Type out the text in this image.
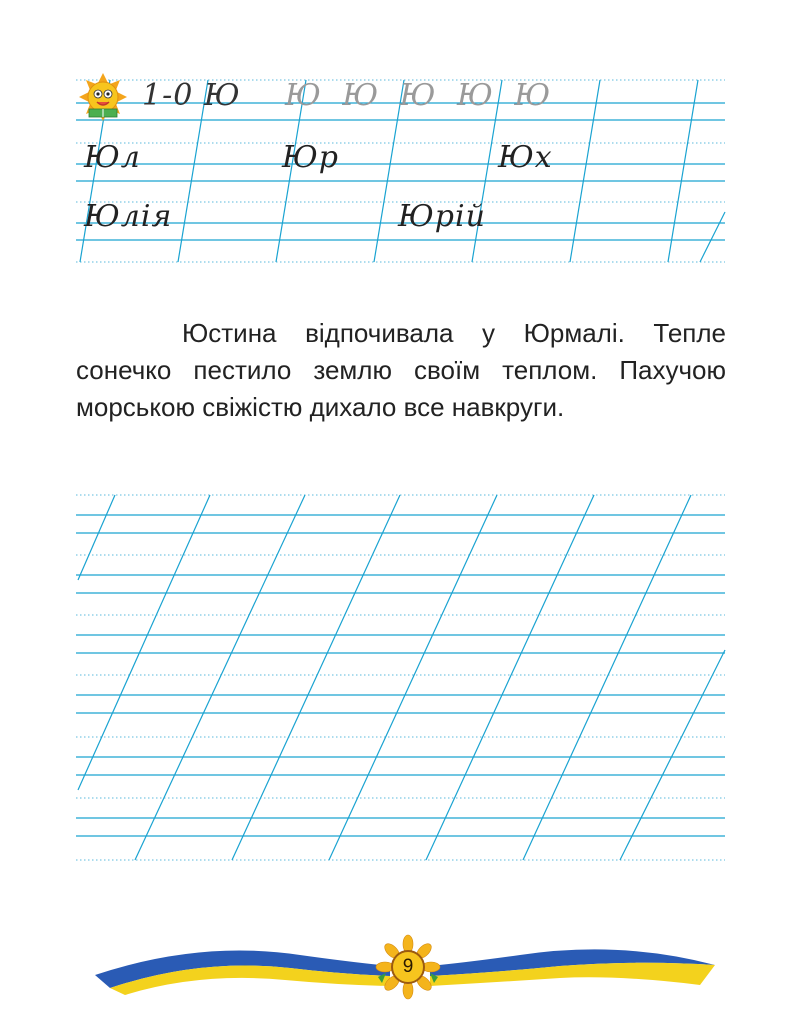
1-0 Ю Ю Ю Ю Ю Ю
Юл	Юр	Юх
Юлія	Юрій
Юстина відпочивала у Юрмалі. Тепле
сонечко пестило землю своїм теплом. Пахучою
морською свіжістю дихало все навкруги.
9
